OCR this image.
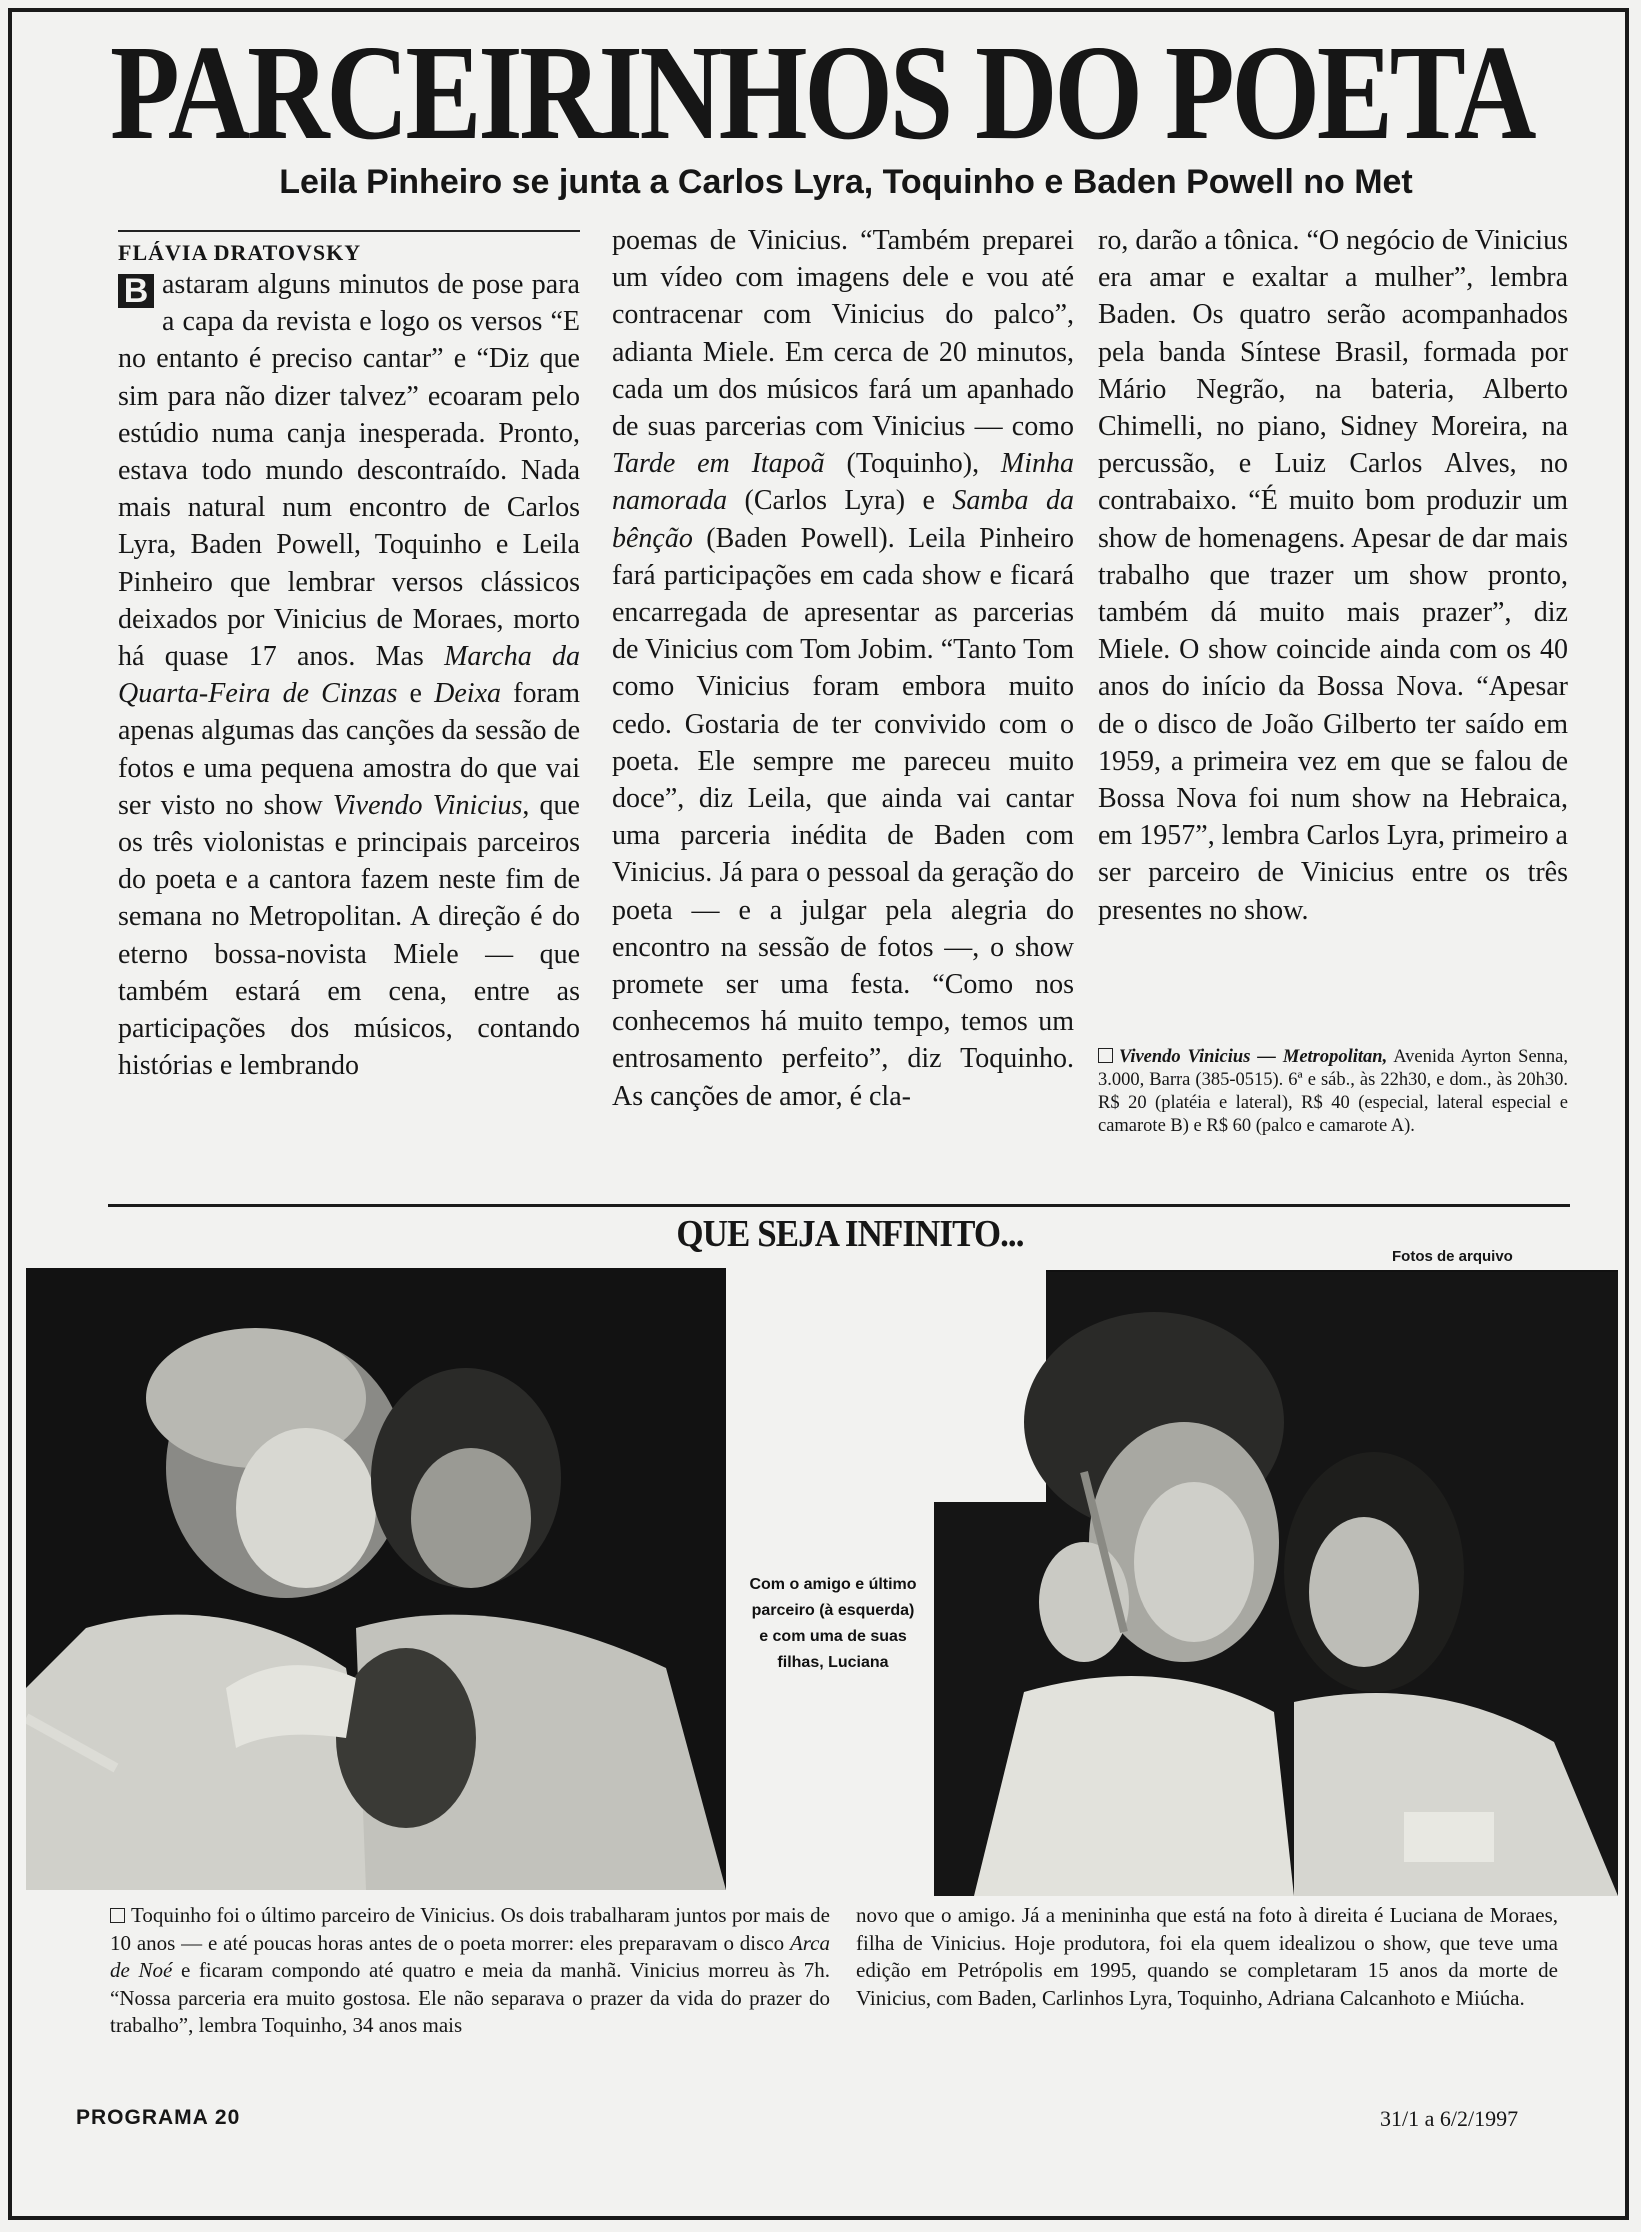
PARCEIRINHOS DO POETA
Leila Pinheiro se junta a Carlos Lyra, Toquinho e Baden Powell no Met
FLÁVIA DRATOVSKY

B astaram alguns minutos de pose para a capa da revista e logo os versos “E no entanto é preciso cantar” e “Diz que sim para não dizer talvez” ecoaram pelo estúdio numa canja inesperada. Pronto, estava todo mundo descontraído. Nada mais natural num encontro de Carlos Lyra, Baden Powell, Toquinho e Leila Pinheiro que lembrar versos clássicos deixados por Vinicius de Moraes, morto há quase 17 anos. Mas Marcha da Quarta-Feira de Cinzas e Deixa foram apenas algumas das canções da sessão de fotos e uma pequena amostra do que vai ser visto no show Vivendo Vinicius, que os três violonistas e principais parceiros do poeta e a cantora fazem neste fim de semana no Metropolitan. A direção é do eterno bossa-novista Miele — que também estará em cena, entre as participações dos músicos, contando histórias e lembrando

poemas de Vinicius. “Também preparei um vídeo com imagens dele e vou até contracenar com Vinicius do palco”, adianta Miele. Em cerca de 20 minutos, cada um dos músicos fará um apanhado de suas parcerias com Vinicius — como Tarde em Itapoã (Toquinho), Minha namorada (Carlos Lyra) e Samba da bênção (Baden Powell). Leila Pinheiro fará participações em cada show e ficará encarregada de apresentar as parcerias de Vinicius com Tom Jobim. “Tanto Tom como Vinicius foram embora muito cedo. Gostaria de ter convivido com o poeta. Ele sempre me pareceu muito doce”, diz Leila, que ainda vai cantar uma parceria inédita de Baden com Vinicius. Já para o pessoal da geração do poeta — e a julgar pela alegria do encontro na sessão de fotos —, o show promete ser uma festa. “Como nos conhecemos há muito tempo, temos um entrosamento perfeito”, diz Toquinho. As canções de amor, é cla-

ro, darão a tônica. “O negócio de Vinicius era amar e exaltar a mulher”, lembra Baden. Os quatro serão acompanhados pela banda Síntese Brasil, formada por Mário Negrão, na bateria, Alberto Chimelli, no piano, Sidney Moreira, na percussão, e Luiz Carlos Alves, no contrabaixo. “É muito bom produzir um show de homenagens. Apesar de dar mais trabalho que trazer um show pronto, também dá muito mais prazer”, diz Miele. O show coincide ainda com os 40 anos do início da Bossa Nova. “Apesar de o disco de João Gilberto ter saído em 1959, a primeira vez em que se falou de Bossa Nova foi num show na Hebraica, em 1957”, lembra Carlos Lyra, primeiro a ser parceiro de Vinicius entre os três presentes no show.

Vivendo Vinicius — Metropolitan, Avenida Ayrton Senna, 3.000, Barra (385-0515). 6ª e sáb., às 22h30, e dom., às 20h30. R$ 20 (platéia e lateral), R$ 40 (especial, lateral especial e camarote B) e R$ 60 (palco e camarote A).
QUE SEJA INFINITO...
Fotos de arquivo
Com o amigo e último parceiro (à esquerda) e com uma de suas filhas, Luciana
Toquinho foi o último parceiro de Vinicius. Os dois trabalharam juntos por mais de 10 anos — e até poucas horas antes de o poeta morrer: eles preparavam o disco Arca de Noé e ficaram compondo até quatro e meia da manhã. Vinicius morreu às 7h. “Nossa parceria era muito gostosa. Ele não separava o prazer da vida do prazer do trabalho”, lembra Toquinho, 34 anos mais
novo que o amigo. Já a menininha que está na foto à direita é Luciana de Moraes, filha de Vinicius. Hoje produtora, foi ela quem idealizou o show, que teve uma edição em Petrópolis em 1995, quando se completaram 15 anos da morte de Vinicius, com Baden, Carlinhos Lyra, Toquinho, Adriana Calcanhoto e Miúcha.
PROGRAMA 20	31/1 a 6/2/1997
